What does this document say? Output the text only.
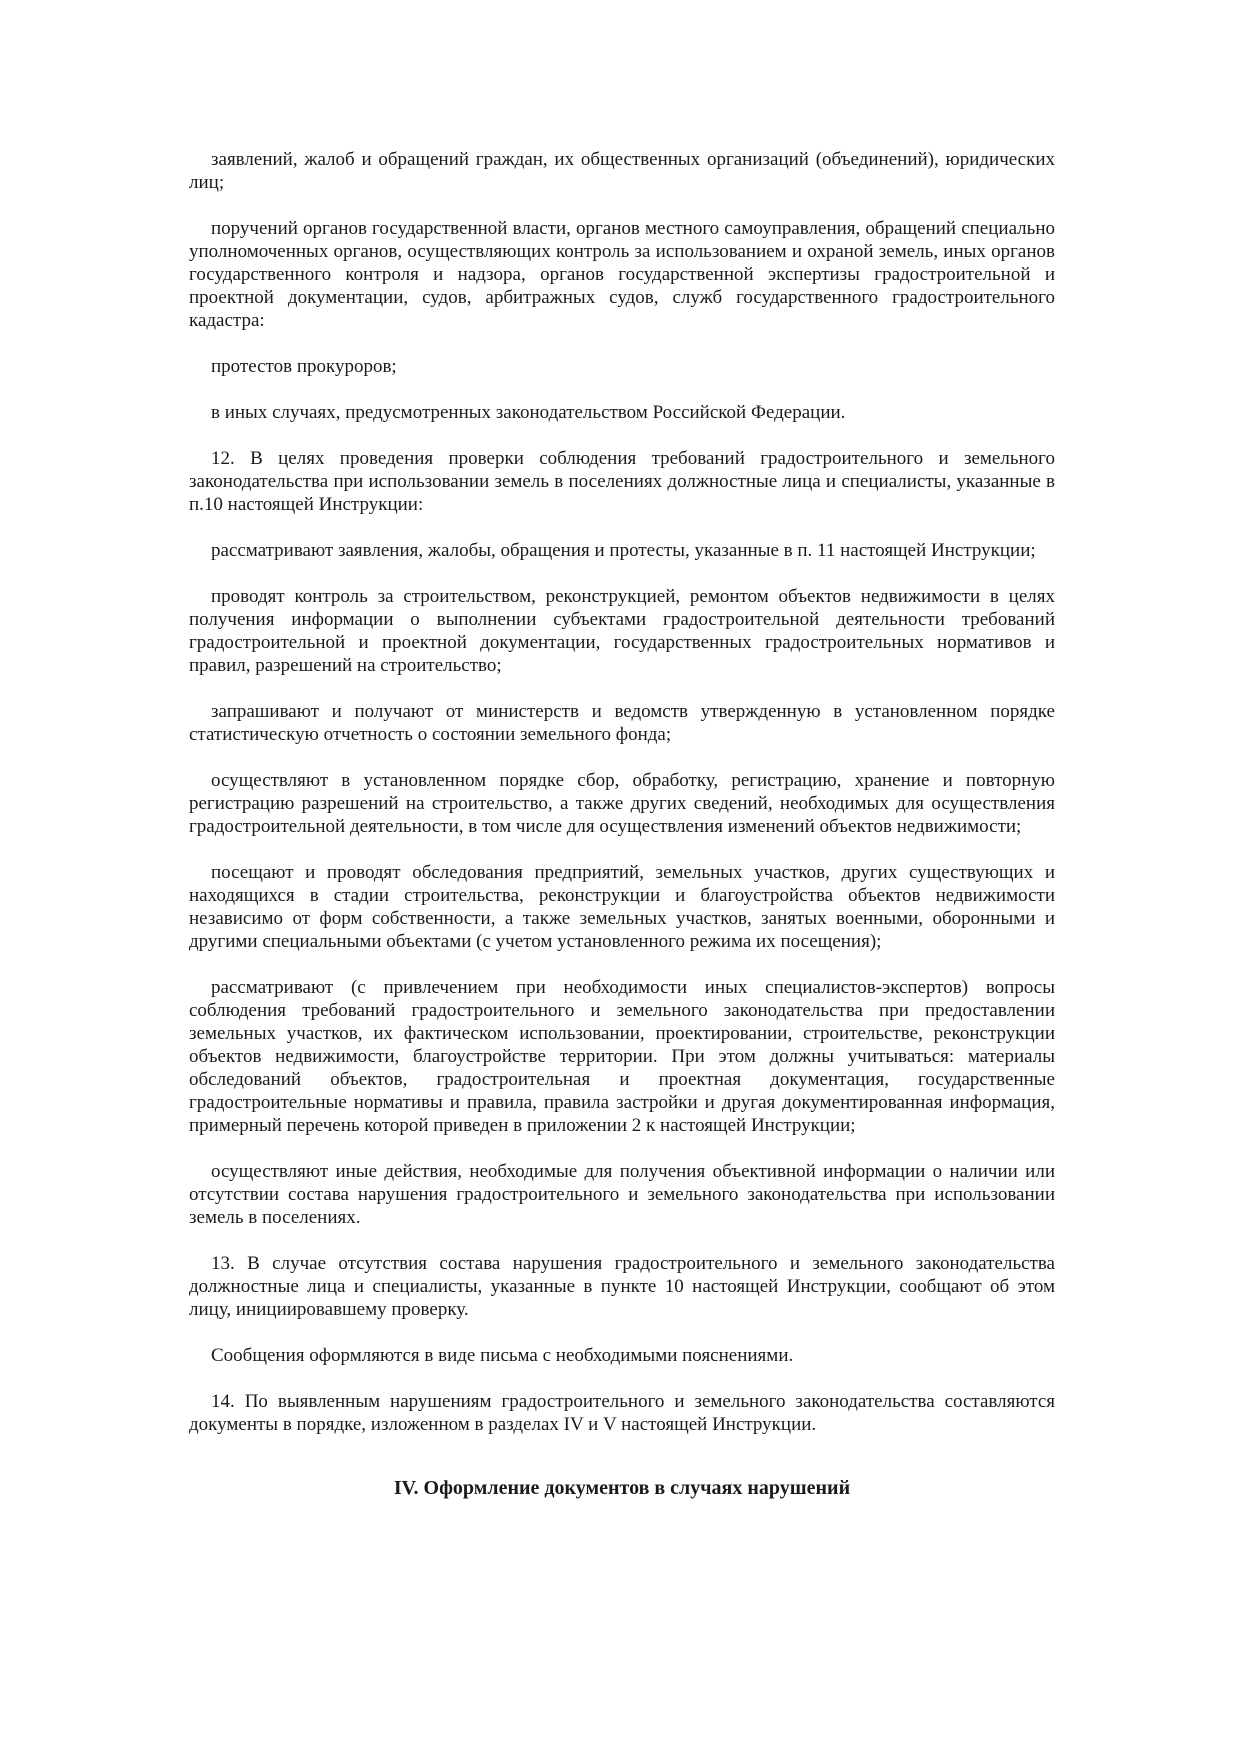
заявлений, жалоб и обращений граждан, их общественных организаций (объединений), юридических лиц;

поручений органов государственной власти, органов местного самоуправления, обращений специально уполномоченных органов, осуществляющих контроль за использованием и охраной земель, иных органов государственного контроля и надзора, органов государственной экспертизы градостроительной и проектной документации, судов, арбитражных судов, служб государственного градостроительного кадастра:

протестов прокуроров;

в иных случаях, предусмотренных законодательством Российской Федерации.

12. В целях проведения проверки соблюдения требований градостроительного и земельного законодательства при использовании земель в поселениях должностные лица и специалисты, указанные в п.10 настоящей Инструкции:

рассматривают заявления, жалобы, обращения и протесты, указанные в п. 11 настоящей Инструкции;

проводят контроль за строительством, реконструкцией, ремонтом объектов недвижимости в целях получения информации о выполнении субъектами градостроительной деятельности требований градостроительной и проектной документации, государственных градостроительных нормативов и правил, разрешений на строительство;

запрашивают и получают от министерств и ведомств утвержденную в установленном порядке статистическую отчетность о состоянии земельного фонда;

осуществляют в установленном порядке сбор, обработку, регистрацию, хранение и повторную регистрацию разрешений на строительство, а также других сведений, необходимых для осуществления градостроительной деятельности, в том числе для осуществления изменений объектов недвижимости;

посещают и проводят обследования предприятий, земельных участков, других существующих и находящихся в стадии строительства, реконструкции и благоустройства объектов недвижимости независимо от форм собственности, а также земельных участков, занятых военными, оборонными и другими специальными объектами (с учетом установленного режима их посещения);

рассматривают (с привлечением при необходимости иных специалистов-экспертов) вопросы соблюдения требований градостроительного и земельного законодательства при предоставлении земельных участков, их фактическом использовании, проектировании, строительстве, реконструкции объектов недвижимости, благоустройстве территории. При этом должны учитываться: материалы обследований объектов, градостроительная и проектная документация, государственные градостроительные нормативы и правила, правила застройки и другая документированная информация, примерный перечень которой приведен в приложении 2 к настоящей Инструкции;

осуществляют иные действия, необходимые для получения объективной информации о наличии или отсутствии состава нарушения градостроительного и земельного законодательства при использовании земель в поселениях.

13. В случае отсутствия состава нарушения градостроительного и земельного законодательства должностные лица и специалисты, указанные в пункте 10 настоящей Инструкции, сообщают об этом лицу, инициировавшему проверку.

Сообщения оформляются в виде письма с необходимыми пояснениями.

14. По выявленным нарушениям градостроительного и земельного законодательства составляются документы в порядке, изложенном в разделах IV и V настоящей Инструкции.

IV. Оформление документов в случаях нарушений
